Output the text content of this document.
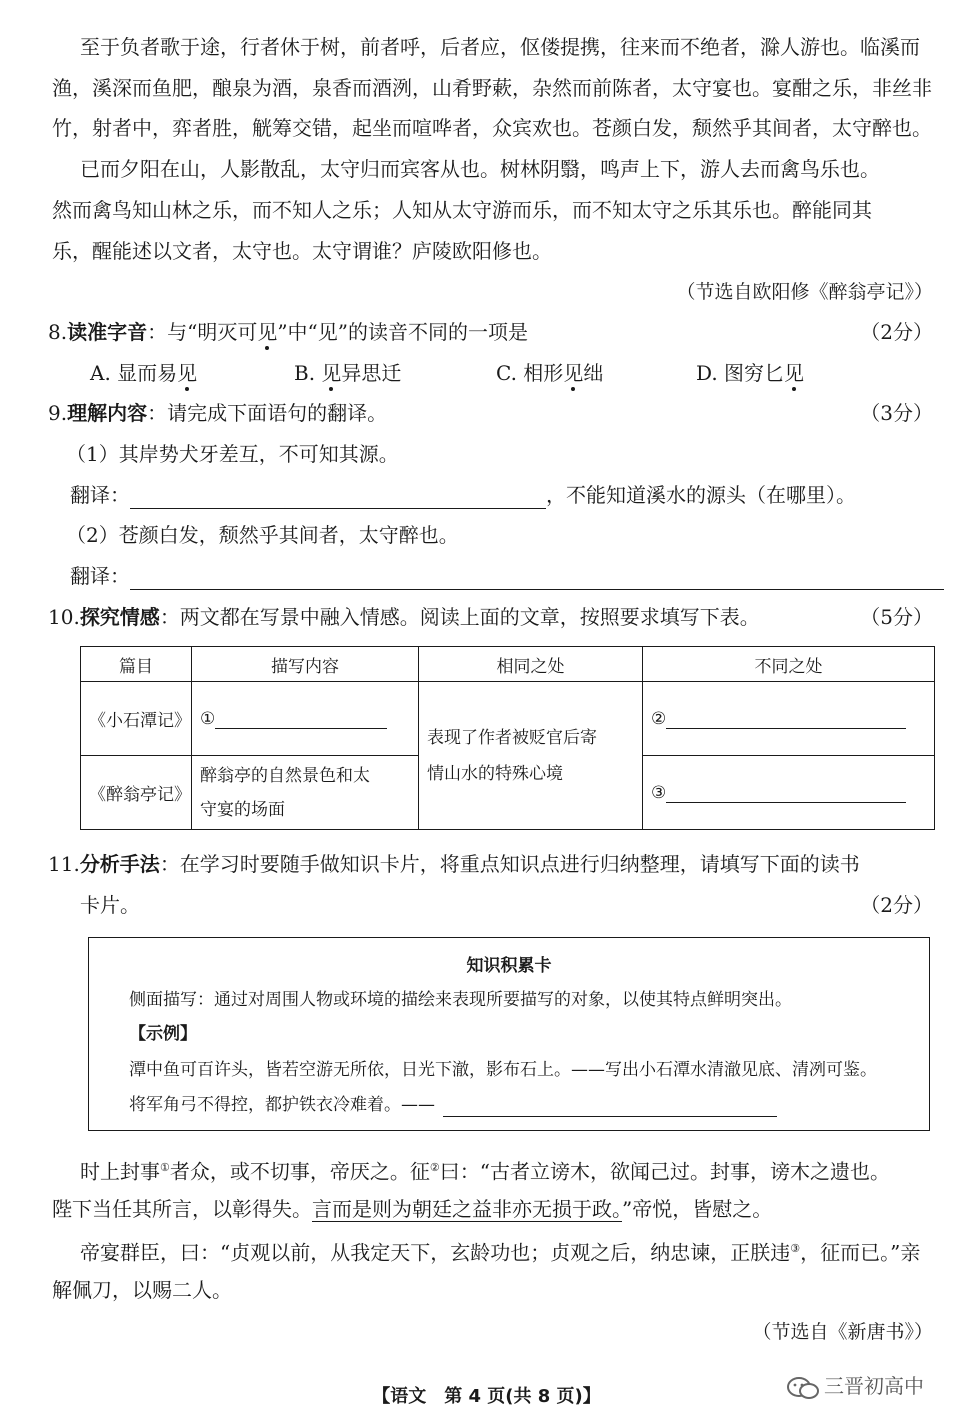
至于负者歌于途，行者休于树，前者呼，后者应，伛偻提携，往来而不绝者，滁人游也。临溪而
渔，溪深而鱼肥，酿泉为酒，泉香而酒洌，山肴野蔌，杂然而前陈者，太守宴也。宴酣之乐，非丝非
竹，射者中，弈者胜，觥筹交错，起坐而喧哗者，众宾欢也。苍颜白发，颓然乎其间者，太守醉也。
已而夕阳在山，人影散乱，太守归而宾客从也。树林阴翳，鸣声上下，游人去而禽鸟乐也。
然而禽鸟知山林之乐，而不知人之乐；人知从太守游而乐，而不知太守之乐其乐也。醉能同其
乐，醒能述以文者，太守也。太守谓谁？庐陵欧阳修也。
（节选自欧阳修《醉翁亭记》）
8.读准字音：与“明灭可见”中“见”的读音不同的一项是	（2分）
A. 显而易见	B. 见异思迁	C. 相形见绌	D. 图穷匕见
9.理解内容：请完成下面语句的翻译。	（3分）
（1）其岸势犬牙差互，不可知其源。
翻译：	，不能知道溪水的源头（在哪里）。
（2）苍颜白发，颓然乎其间者，太守醉也。
翻译：
10.探究情感：两文都在写景中融入情感。阅读上面的文章，按照要求填写下表。	（5分）
篇目	描写内容	相同之处	不同之处
《小石潭记》	①	表现了作者被贬官后寄
情山水的特殊心境	②
《醉翁亭记》	醉翁亭的自然景色和太
守宴的场面		③
11.分析手法：在学习时要随手做知识卡片，将重点知识点进行归纳整理，请填写下面的读书
卡片。	（2分）
知识积累卡
侧面描写：通过对周围人物或环境的描绘来表现所要描写的对象，以使其特点鲜明突出。
【示例】
潭中鱼可百许头，皆若空游无所依，日光下澈，影布石上。——写出小石潭水清澈见底、清冽可鉴。
将军角弓不得控，都护铁衣冷难着。——
时上封事①者众，或不切事，帝厌之。征②曰：“古者立谤木，欲闻己过。封事，谤木之遗也。
陛下当任其所言，以彰得失。言而是则为朝廷之益非亦无损于政。”帝悦，皆慰之。
帝宴群臣，曰：“贞观以前，从我定天下，玄龄功也；贞观之后，纳忠谏，正朕违③，征而已。”亲
解佩刀，以赐二人。
（节选自《新唐书》）
【语文　第 4 页(共 8 页)】	三晋初高中
